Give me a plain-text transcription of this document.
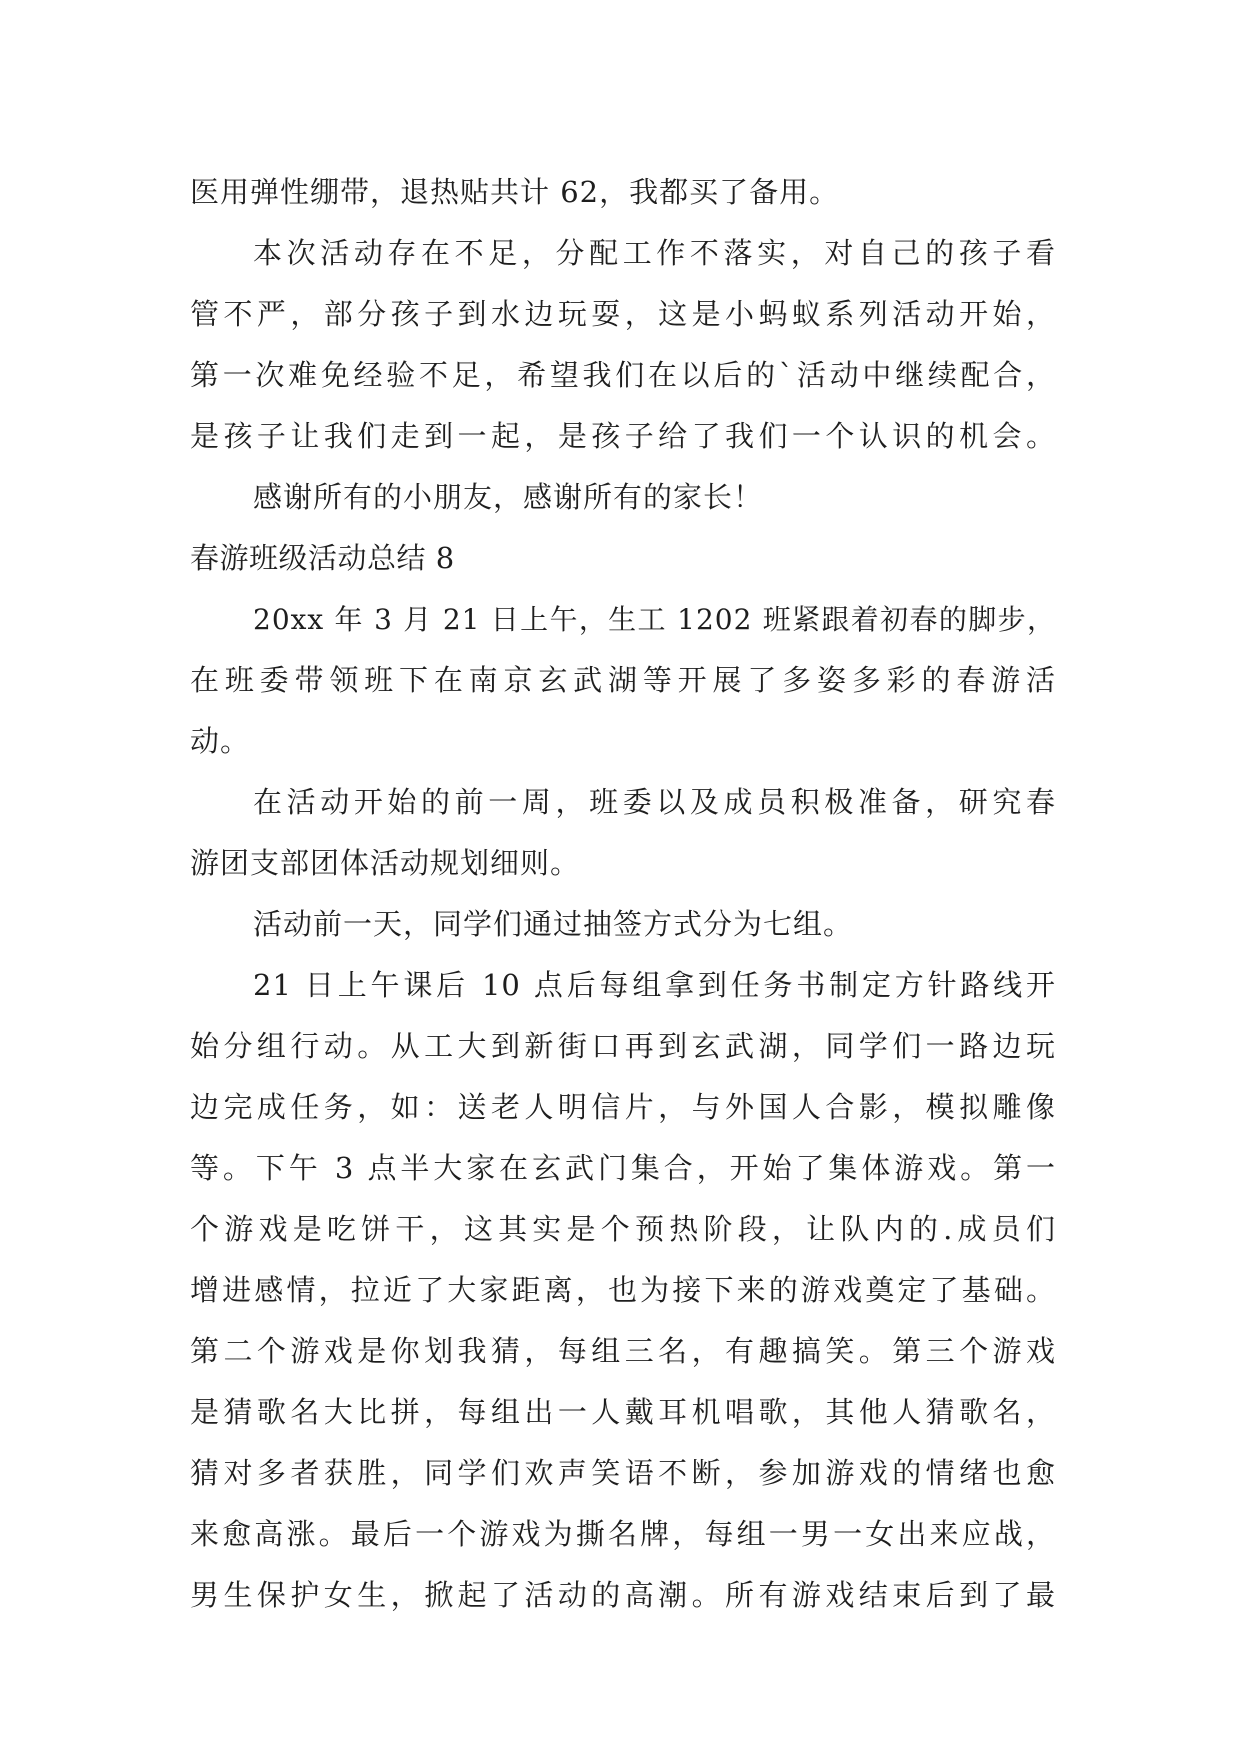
医用弹性绷带，退热贴共计 62，我都买了备用。
本次活动存在不足，分配工作不落实，对自己的孩子看
管不严，部分孩子到水边玩耍，这是小蚂蚁系列活动开始，
第一次难免经验不足，希望我们在以后的`活动中继续配合，
是孩子让我们走到一起，是孩子给了我们一个认识的机会。
感谢所有的小朋友，感谢所有的家长！
春游班级活动总结 8
20xx 年 3 月 21 日上午，生工 1202 班紧跟着初春的脚步，
在班委带领班下在南京玄武湖等开展了多姿多彩的春游活
动。
在活动开始的前一周，班委以及成员积极准备，研究春
游团支部团体活动规划细则。
活动前一天，同学们通过抽签方式分为七组。
21 日上午课后 10 点后每组拿到任务书制定方针路线开
始分组行动。从工大到新街口再到玄武湖，同学们一路边玩
边完成任务，如：送老人明信片，与外国人合影，模拟雕像
等。下午 3 点半大家在玄武门集合，开始了集体游戏。第一
个游戏是吃饼干，这其实是个预热阶段，让队内的.成员们
增进感情，拉近了大家距离，也为接下来的游戏奠定了基础。
第二个游戏是你划我猜，每组三名，有趣搞笑。第三个游戏
是猜歌名大比拼，每组出一人戴耳机唱歌，其他人猜歌名，
猜对多者获胜，同学们欢声笑语不断，参加游戏的情绪也愈
来愈高涨。最后一个游戏为撕名牌，每组一男一女出来应战，
男生保护女生，掀起了活动的高潮。所有游戏结束后到了最
